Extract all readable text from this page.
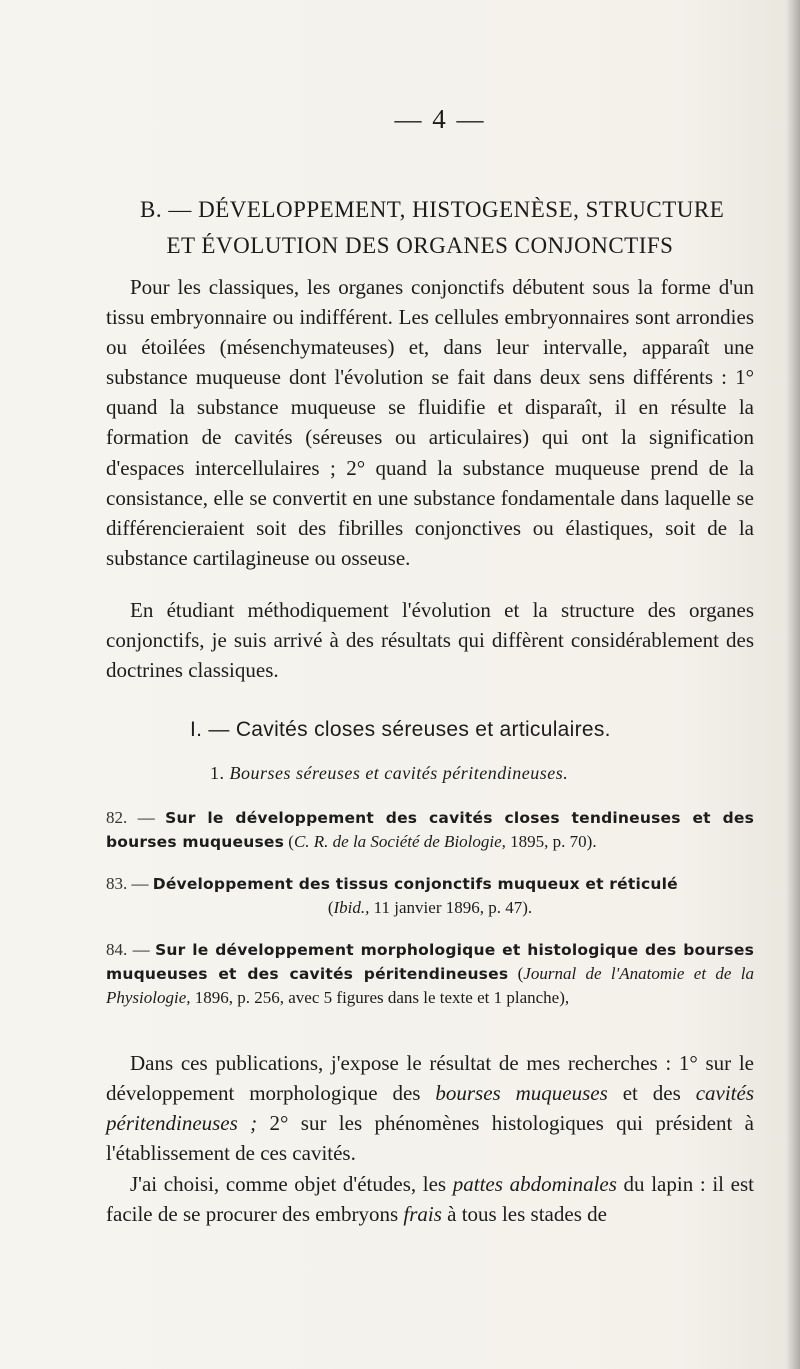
— 4 —
B. — DÉVELOPPEMENT, HISTOGENÈSE, STRUCTURE
ET ÉVOLUTION DES ORGANES CONJONCTIFS

Pour les classiques, les organes conjonctifs débutent sous la forme d'un tissu embryonnaire ou indifférent. Les cellules embryonnaires sont arrondies ou étoilées (mésenchymateuses) et, dans leur intervalle, apparaît une substance muqueuse dont l'évolution se fait dans deux sens différents : 1° quand la substance muqueuse se fluidifie et disparaît, il en résulte la formation de cavités (séreuses ou articulaires) qui ont la signification d'espaces intercellulaires ; 2° quand la substance muqueuse prend de la consistance, elle se convertit en une substance fondamentale dans laquelle se différencieraient soit des fibrilles conjonctives ou élastiques, soit de la substance cartilagineuse ou osseuse.

En étudiant méthodiquement l'évolution et la structure des organes conjonctifs, je suis arrivé à des résultats qui diffèrent considérablement des doctrines classiques.

I. — Cavités closes séreuses et articulaires.
1. Bourses séreuses et cavités péritendineuses.
82. — Sur le développement des cavités closes tendineuses et des bourses muqueuses (C. R. de la Société de Biologie, 1895, p. 70).
83. — Développement des tissus conjonctifs muqueux et réticulé
(Ibid., 11 janvier 1896, p. 47).
84. — Sur le développement morphologique et histologique des bourses muqueuses et des cavités péritendineuses (Journal de l'Anatomie et de la Physiologie, 1896, p. 256, avec 5 figures dans le texte et 1 planche),

Dans ces publications, j'expose le résultat de mes recherches : 1° sur le développement morphologique des bourses muqueuses et des cavités péritendineuses ; 2° sur les phénomènes histologiques qui président à l'établissement de ces cavités.

J'ai choisi, comme objet d'études, les pattes abdominales du lapin : il est facile de se procurer des embryons frais à tous les stades de
